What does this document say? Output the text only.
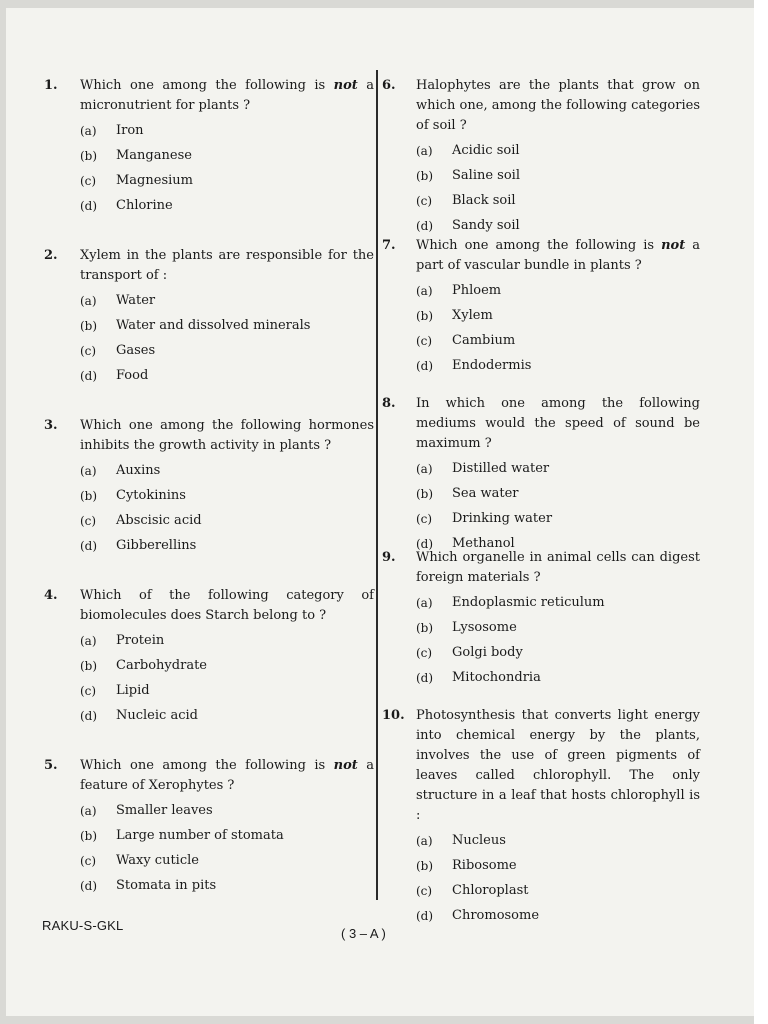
1.	Which one among the following is not a micronutrient for plants ?
(a)	Iron
(b)	Manganese
(c)	Magnesium
(d)	Chlorine
2.	Xylem in the plants are responsible for the transport of :
(a)	Water
(b)	Water and dissolved minerals
(c)	Gases
(d)	Food
3.	Which one among the following hormones inhibits the growth activity in plants ?
(a)	Auxins
(b)	Cytokinins
(c)	Abscisic acid
(d)	Gibberellins
4.	Which of the following category of biomolecules does Starch belong to ?
(a)	Protein
(b)	Carbohydrate
(c)	Lipid
(d)	Nucleic acid
5.	Which one among the following is not a feature of Xerophytes ?
(a)	Smaller leaves
(b)	Large number of stomata
(c)	Waxy cuticle
(d)	Stomata in pits
6.	Halophytes are the plants that grow on which one, among the following categories of soil ?
(a)	Acidic soil
(b)	Saline soil
(c)	Black soil
(d)	Sandy soil
7.	Which one among the following is not a part of vascular bundle in plants ?
(a)	Phloem
(b)	Xylem
(c)	Cambium
(d)	Endodermis
8.	In which one among the following mediums would the speed of sound be maximum ?
(a)	Distilled water
(b)	Sea water
(c)	Drinking water
(d)	Methanol
9.	Which organelle in animal cells can digest foreign materials ?
(a)	Endoplasmic reticulum
(b)	Lysosome
(c)	Golgi body
(d)	Mitochondria
10. Photosynthesis that converts light energy into chemical energy by the plants, involves the use of green pigments of leaves called chlorophyll. The only structure in a leaf that hosts chlorophyll is :
(a)	Nucleus
(b)	Ribosome
(c)	Chloroplast
(d)	Chromosome
RAKU-S-GKL
( 3 – A )
